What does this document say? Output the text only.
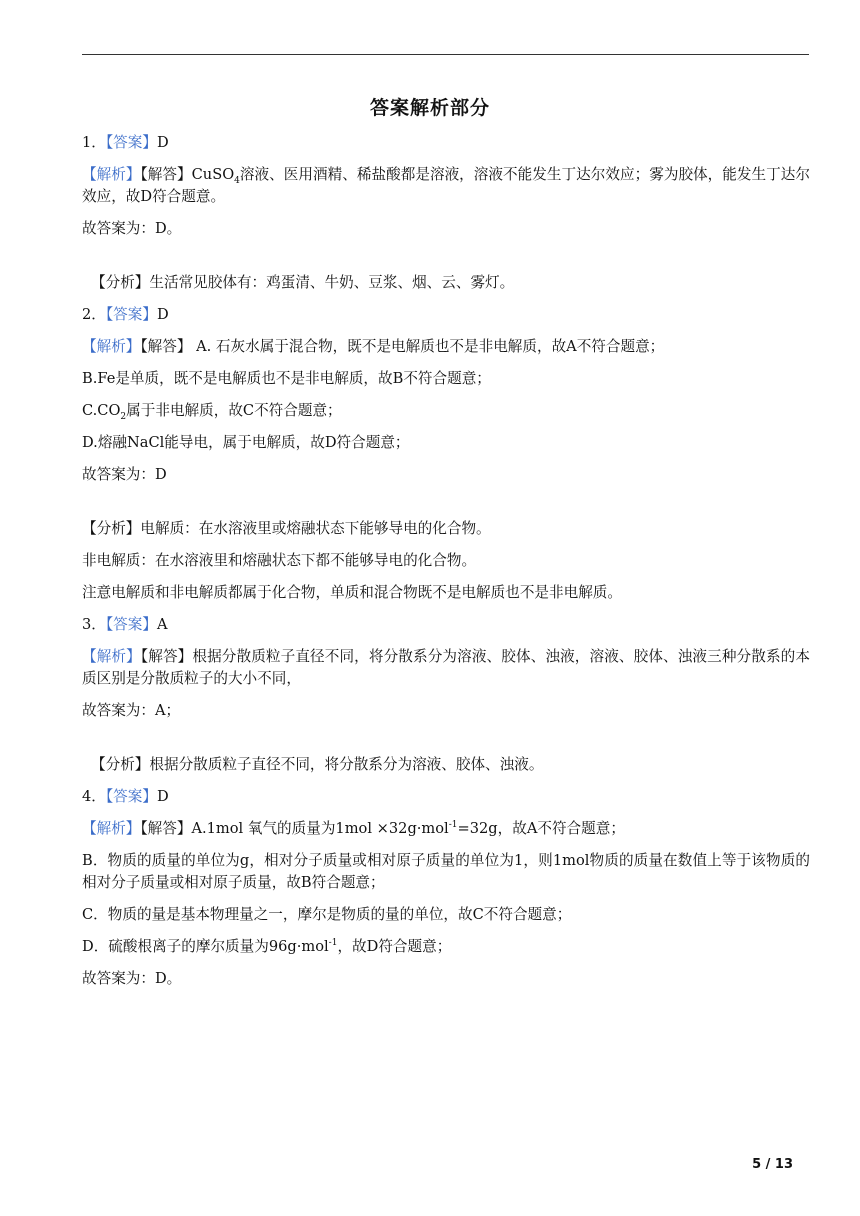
答案解析部分
1．【答案】D
【解析】【解答】CuSO$_4$溶液、医用酒精、稀盐酸都是溶液，溶液不能发生丁达尔效应；雾为胶体，能发生丁达尔效应，故D符合题意。
故答案为：D。
【分析】生活常见胶体有：鸡蛋清、牛奶、豆浆、烟、云、雾灯。
2．【答案】D
【解析】【解答】 A. 石灰水属于混合物，既不是电解质也不是非电解质，故A不符合题意；
B.Fe是单质，既不是电解质也不是非电解质，故B不符合题意；
$C.CO_2$属于非电解质，故C不符合题意；
D.熔融NaCl能导电，属于电解质，故D符合题意；
故答案为：D
【分析】电解质：在水溶液里或熔融状态下能够导电的化合物。
非电解质：在水溶液里和熔融状态下都不能够导电的化合物。
注意电解质和非电解质都属于化合物，单质和混合物既不是电解质也不是非电解质。
3．【答案】A
【解析】【解答】根据分散质粒子直径不同，将分散系分为溶液、胶体、浊液，溶液、胶体、浊液三种分散系的本质区别是分散质粒子的大小不同，
故答案为：A；
【分析】根据分散质粒子直径不同，将分散系分为溶液、胶体、浊液。
4．【答案】D
【解析】【解答】A.1mol 氧气的质量为1mol ×32g·mol$^{-1}$=32g，故A不符合题意；
B．物质的质量的单位为g，相对分子质量或相对原子质量的单位为1，则1mol物质的质量在数值上等于该物质的相对分子质量或相对原子质量，故B符合题意；
C．物质的量是基本物理量之一，摩尔是物质的量的单位，故C不符合题意；
D．硫酸根离子的摩尔质量为96g·mol$^{-1}$，故D符合题意；
故答案为：D。
5 / 13
